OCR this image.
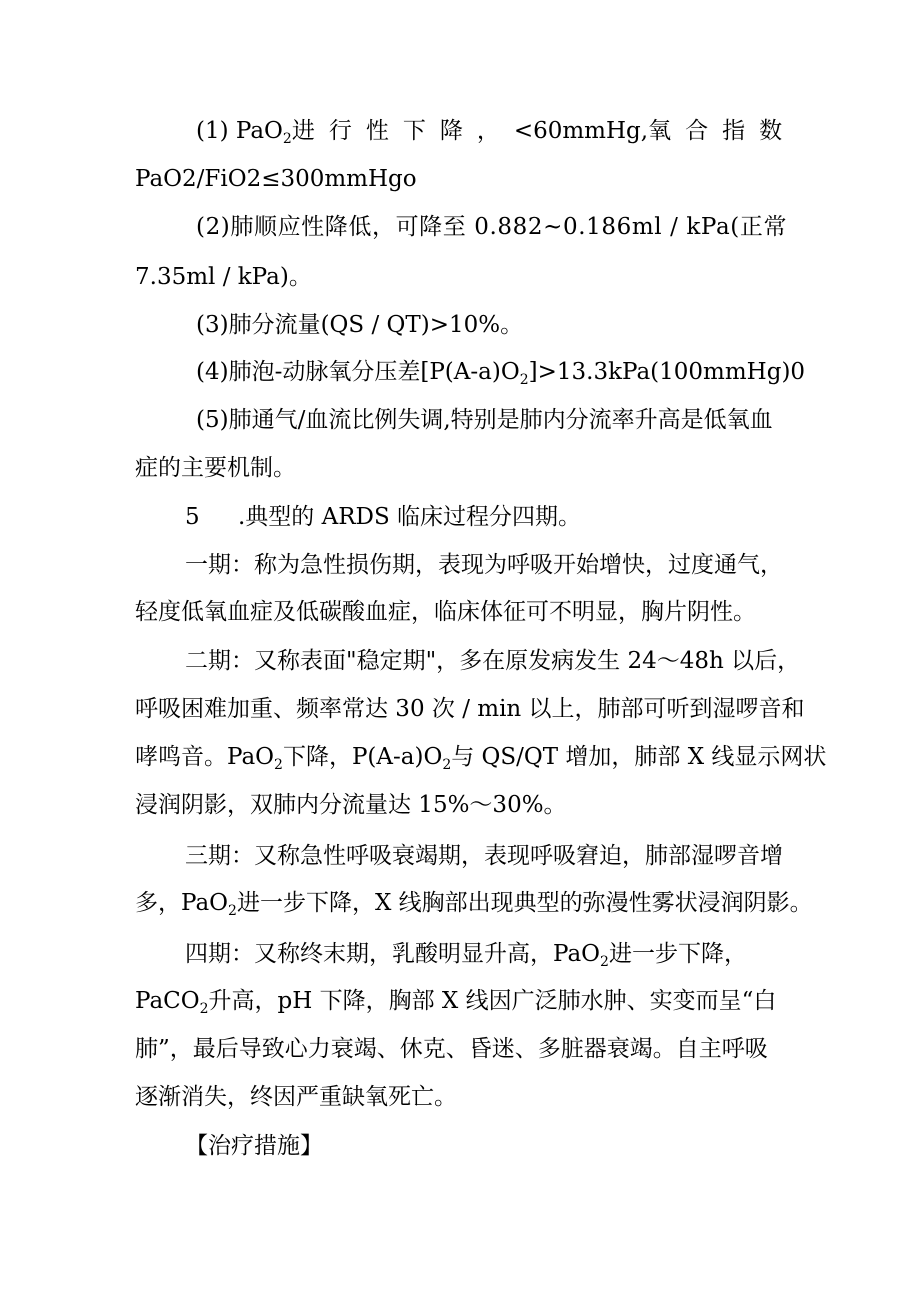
(1) PaO$_2$ 进行性下降， <60mmHg, 氧合指数
PaO2/FiO2≤300mmHgo
(2)肺顺应性降低，可降至 0.882~0.186ml / kPa(正常
7.35ml / kPa)。
(3)肺分流量(QS / QT)>10%。
(4)肺泡-动脉氧分压差$[P(A-a)O_2]>13.3kPa(100mmHg)0$
(5)肺通气/血流比例失调,特别是肺内分流率升高是低氧血
症的主要机制。
5 .典型的 ARDS 临床过程分四期。
一期：称为急性损伤期，表现为呼吸开始增快，过度通气，
轻度低氧血症及低碳酸血症，临床体征可不明显，胸片阴性。
二期：又称表面"稳定期"，多在原发病发生 24～48h 以后，
呼吸困难加重、频率常达 30 次 / min 以上，肺部可听到湿啰音和
哮鸣音。PaO$_2$下降，$P(A-a)O_2$与 QS/QT 增加，肺部 X 线显示网状
浸润阴影，双肺内分流量达 15%～30%。
三期：又称急性呼吸衰竭期，表现呼吸窘迫，肺部湿啰音增
多，PaO$_2$进一步下降，X 线胸部出现典型的弥漫性雾状浸润阴影。
四期：又称终末期，乳酸明显升高，PaO$_2$进一步下降，
PaCO$_2$升高，pH 下降，胸部 X 线因广泛肺水肿、实变而呈“白
肺”，最后导致心力衰竭、休克、昏迷、多脏器衰竭。自主呼吸
逐渐消失，终因严重缺氧死亡。
【治疗措施】
